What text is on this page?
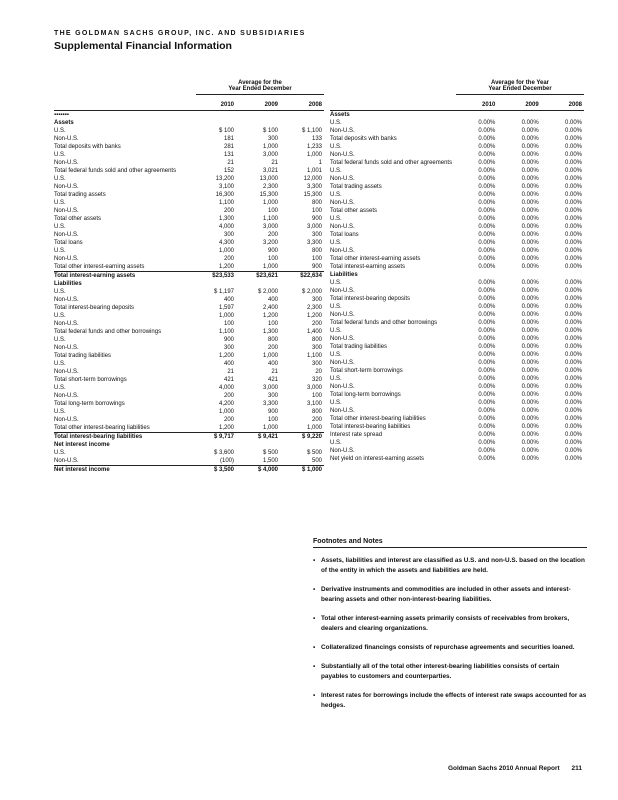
THE GOLDMAN SACHS GROUP, INC. AND SUBSIDIARIES
Supplemental Financial Information

Average for the
Year Ended December

	2010	2009	2008
▪▪▪▪▪▪▪			
Assets			
U.S.	$ 100	$ 100	$ 1,100
Non-U.S.	181	300	133
Total deposits with banks	281	1,000	1,233
U.S.	131	3,000	1,000
Non-U.S.	21	21	1
Total federal funds sold and other agreements	152	3,021	1,001
U.S.	13,200	13,000	12,000
Non-U.S.	3,100	2,300	3,300
Total trading assets	16,300	15,300	15,300
U.S.	1,100	1,000	800
Non-U.S.	200	100	100
Total other assets	1,300	1,100	900
U.S.	4,000	3,000	3,000
Non-U.S.	300	200	300
Total loans	4,300	3,200	3,300
U.S.	1,000	900	800
Non-U.S.	200	100	100
Total other interest-earning assets	1,200	1,000	900
Total interest-earning assets	$23,533	$23,621	$22,634
Liabilities			
U.S.	$ 1,197	$ 2,000	$ 2,000
Non-U.S.	400	400	300
Total interest-bearing deposits	1,597	2,400	2,300
U.S.	1,000	1,200	1,200
Non-U.S.	100	100	200
Total federal funds and other borrowings	1,100	1,300	1,400
U.S.	900	800	800
Non-U.S.	300	200	300
Total trading liabilities	1,200	1,000	1,100
U.S.	400	400	300
Non-U.S.	21	21	20
Total short-term borrowings	421	421	320
U.S.	4,000	3,000	3,000
Non-U.S.	200	300	100
Total long-term borrowings	4,200	3,300	3,100
U.S.	1,000	900	800
Non-U.S.	200	100	200
Total other interest-bearing liabilities	1,200	1,000	1,000
Total interest-bearing liabilities	$ 9,717	$ 9,421	$ 9,220
Net interest income			
U.S.	$ 3,600	$ 500	$ 500
Non-U.S.	(100)	1,500	500
Net interest income	$ 3,500	$ 4,000	$ 1,000

Average for the Year
Year Ended December

	2010	2009	2008
Assets			
U.S.	0.00%	0.00%	0.00%
Non-U.S.	0.00%	0.00%	0.00%
Total deposits with banks	0.00%	0.00%	0.00%
U.S.	0.00%	0.00%	0.00%
Non-U.S.	0.00%	0.00%	0.00%
Total federal funds sold and other agreements	0.00%	0.00%	0.00%
U.S.	0.00%	0.00%	0.00%
Non-U.S.	0.00%	0.00%	0.00%
Total trading assets	0.00%	0.00%	0.00%
U.S.	0.00%	0.00%	0.00%
Non-U.S.	0.00%	0.00%	0.00%
Total other assets	0.00%	0.00%	0.00%
U.S.	0.00%	0.00%	0.00%
Non-U.S.	0.00%	0.00%	0.00%
Total loans	0.00%	0.00%	0.00%
U.S.	0.00%	0.00%	0.00%
Non-U.S.	0.00%	0.00%	0.00%
Total other interest-earning assets	0.00%	0.00%	0.00%
Total interest-earning assets	0.00%	0.00%	0.00%
Liabilities			
U.S.	0.00%	0.00%	0.00%
Non-U.S.	0.00%	0.00%	0.00%
Total interest-bearing deposits	0.00%	0.00%	0.00%
U.S.	0.00%	0.00%	0.00%
Non-U.S.	0.00%	0.00%	0.00%
Total federal funds and other borrowings	0.00%	0.00%	0.00%
U.S.	0.00%	0.00%	0.00%
Non-U.S.	0.00%	0.00%	0.00%
Total trading liabilities	0.00%	0.00%	0.00%
U.S.	0.00%	0.00%	0.00%
Non-U.S.	0.00%	0.00%	0.00%
Total short-term borrowings	0.00%	0.00%	0.00%
U.S.	0.00%	0.00%	0.00%
Non-U.S.	0.00%	0.00%	0.00%
Total long-term borrowings	0.00%	0.00%	0.00%
U.S.	0.00%	0.00%	0.00%
Non-U.S.	0.00%	0.00%	0.00%
Total other interest-bearing liabilities	0.00%	0.00%	0.00%
Total interest-bearing liabilities	0.00%	0.00%	0.00%
Interest rate spread	0.00%	0.00%	0.00%
U.S.	0.00%	0.00%	0.00%
Non-U.S.	0.00%	0.00%	0.00%
Net yield on interest-earning assets	0.00%	0.00%	0.00%
Footnotes and Notes
▪ Assets, liabilities and interest are classified as U.S. and non-U.S. based on the location of the entity in which the assets and liabilities are held.
▪ Derivative instruments and commodities are included in other assets and interest-bearing assets and other non-interest-bearing liabilities.
▪ Total other interest-earning assets primarily consists of receivables from brokers, dealers and clearing organizations.
▪ Collateralized financings consists of repurchase agreements and securities loaned.
▪ Substantially all of the total other interest-bearing liabilities consists of certain payables to customers and counterparties.
▪ Interest rates for borrowings include the effects of interest rate swaps accounted for as hedges.
Goldman Sachs 2010 Annual Report 211
